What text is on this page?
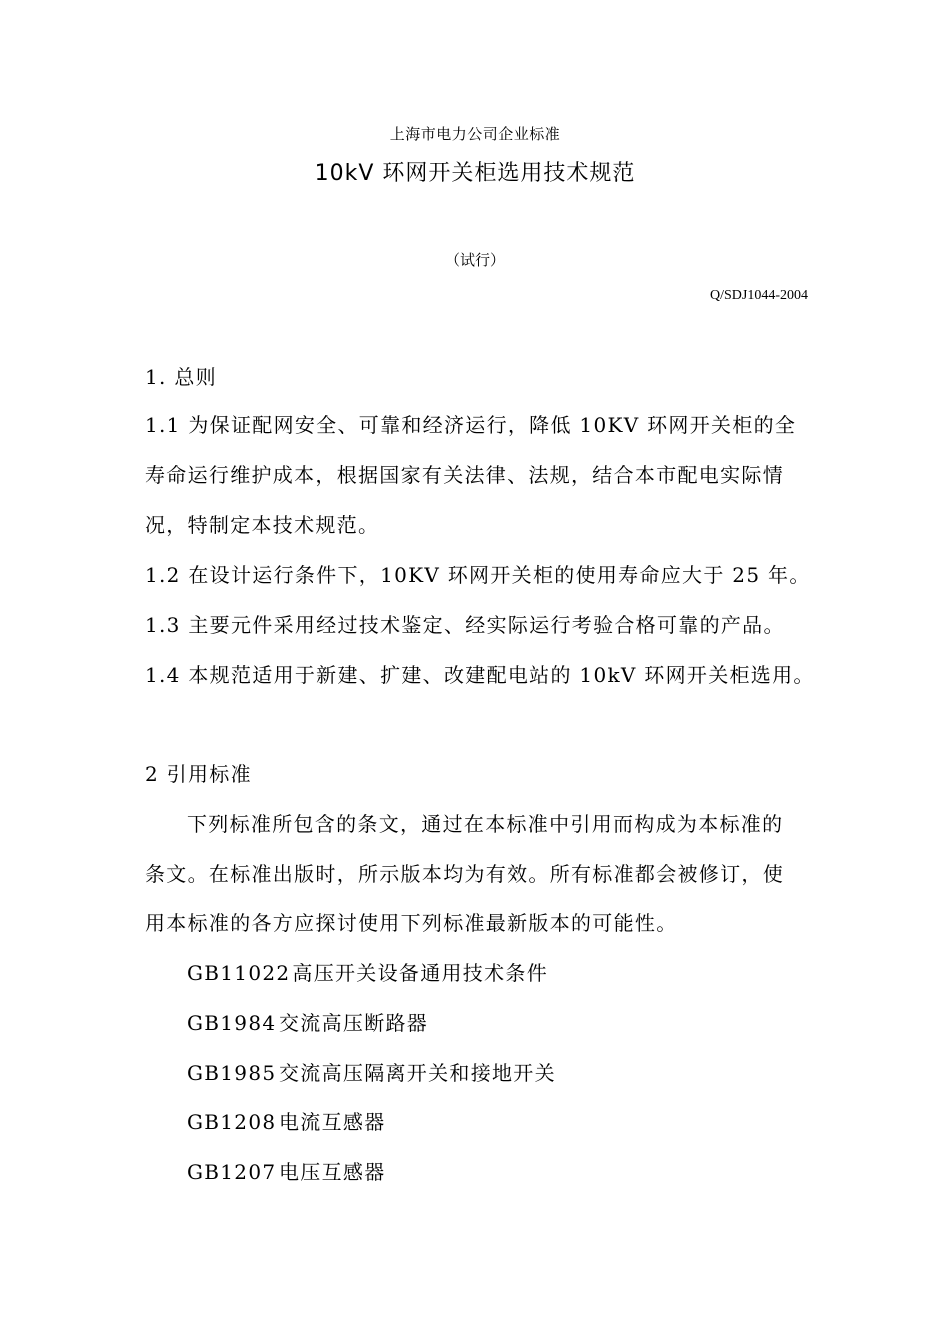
上海市电力公司企业标准
10kV 环网开关柜选用技术规范
（试行）
Q/SDJ1044-2004
1. 总则
1.1 为保证配网安全、可靠和经济运行，降低 10KV 环网开关柜的全
寿命运行维护成本，根据国家有关法律、法规，结合本市配电实际情
况，特制定本技术规范。
1.2 在设计运行条件下，10KV 环网开关柜的使用寿命应大于 25 年。
1.3 主要元件采用经过技术鉴定、经实际运行考验合格可靠的产品。
1.4 本规范适用于新建、扩建、改建配电站的 10kV 环网开关柜选用。
2 引用标准
下列标准所包含的条文，通过在本标准中引用而构成为本标准的
条文。在标准出版时，所示版本均为有效。所有标准都会被修订，使
用本标准的各方应探讨使用下列标准最新版本的可能性。
GB11022 高压开关设备通用技术条件
GB1984 交流高压断路器
GB1985 交流高压隔离开关和接地开关
GB1208 电流互感器
GB1207 电压互感器
